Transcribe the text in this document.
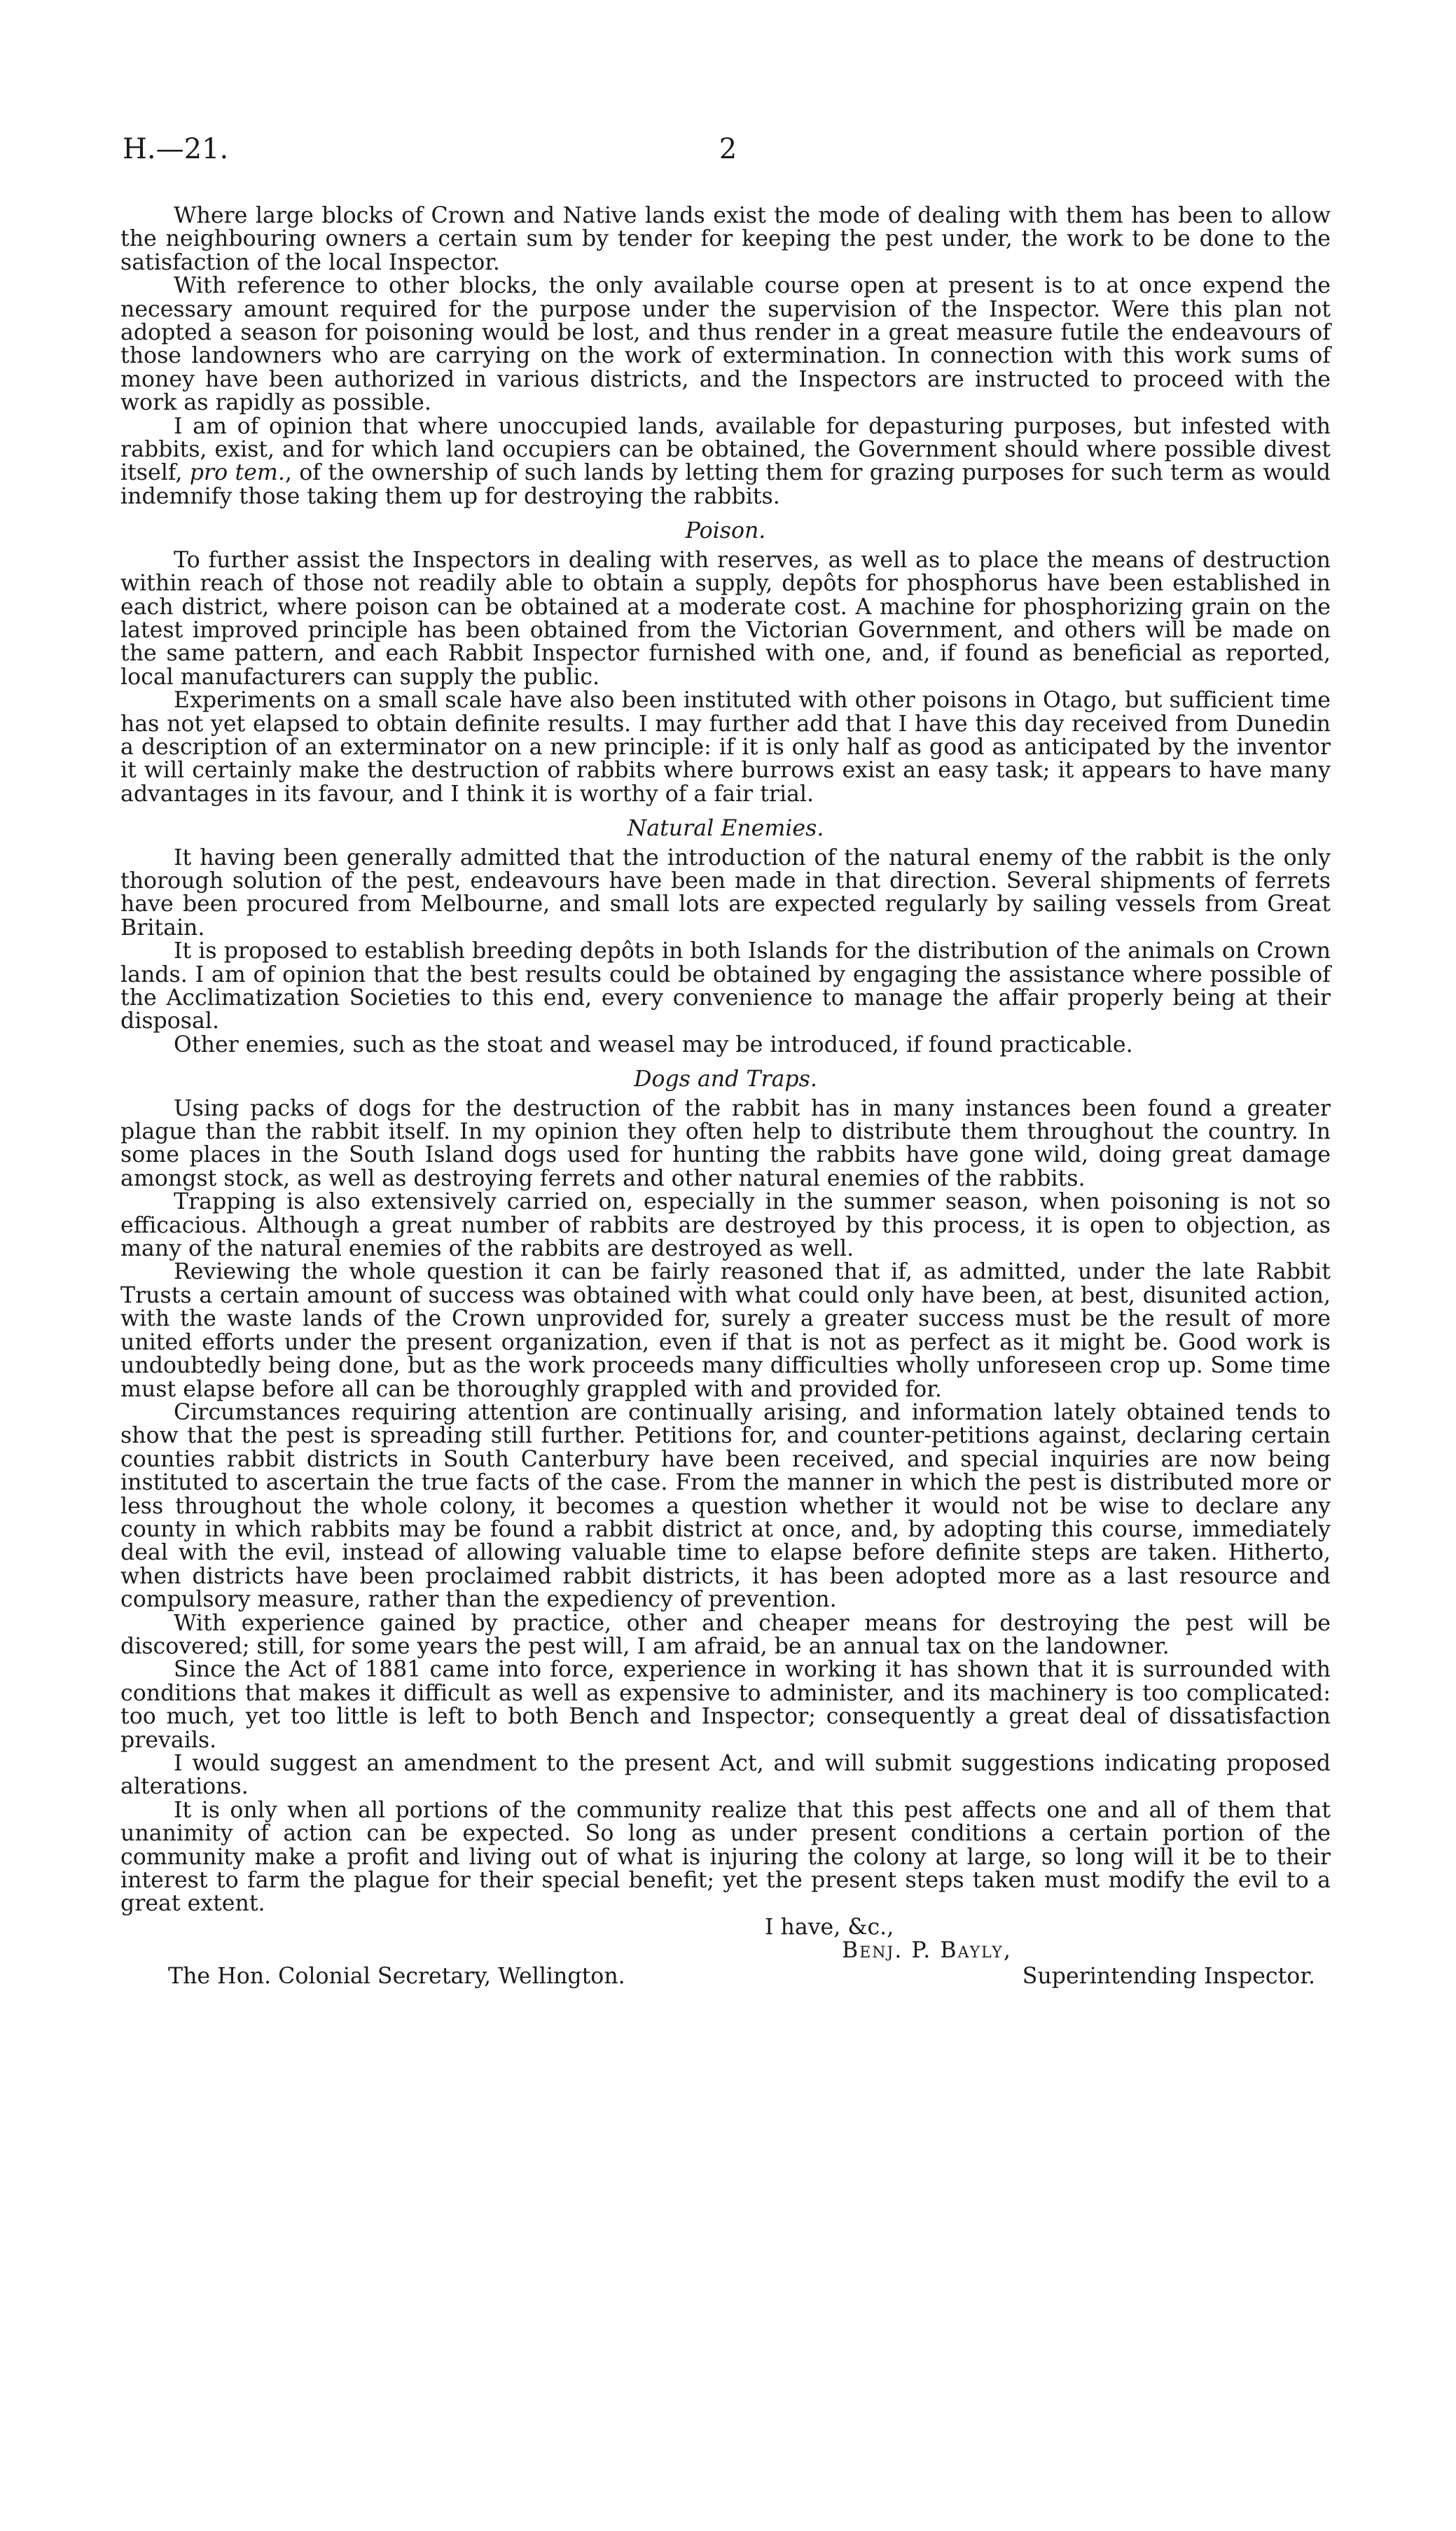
H.—21.	2

Where large blocks of Crown and Native lands exist the mode of dealing with them has been to allow the neighbouring owners a certain sum by tender for keeping the pest under, the work to be done to the satisfaction of the local Inspector.

With reference to other blocks, the only available course open at present is to at once expend the necessary amount required for the purpose under the supervision of the Inspector. Were this plan not adopted a season for poisoning would be lost, and thus render in a great measure futile the endeavours of those landowners who are carrying on the work of extermination. In connection with this work sums of money have been authorized in various districts, and the Inspectors are instructed to proceed with the work as rapidly as possible.

I am of opinion that where unoccupied lands, available for depasturing purposes, but infested with rabbits, exist, and for which land occupiers can be obtained, the Government should where possible divest itself, pro tem., of the ownership of such lands by letting them for grazing purposes for such term as would indemnify those taking them up for destroying the rabbits.

Poison.

To further assist the Inspectors in dealing with reserves, as well as to place the means of destruction within reach of those not readily able to obtain a supply, depôts for phosphorus have been established in each district, where poison can be obtained at a moderate cost. A machine for phosphorizing grain on the latest improved principle has been obtained from the Victorian Government, and others will be made on the same pattern, and each Rabbit Inspector furnished with one, and, if found as beneficial as reported, local manufacturers can supply the public.

Experiments on a small scale have also been instituted with other poisons in Otago, but sufficient time has not yet elapsed to obtain definite results. I may further add that I have this day received from Dunedin a description of an exterminator on a new principle: if it is only half as good as anticipated by the inventor it will certainly make the destruction of rabbits where burrows exist an easy task; it appears to have many advantages in its favour, and I think it is worthy of a fair trial.

Natural Enemies.

It having been generally admitted that the introduction of the natural enemy of the rabbit is the only thorough solution of the pest, endeavours have been made in that direction. Several shipments of ferrets have been procured from Melbourne, and small lots are expected regularly by sailing vessels from Great Britain.

It is proposed to establish breeding depôts in both Islands for the distribution of the animals on Crown lands. I am of opinion that the best results could be obtained by engaging the assistance where possible of the Acclimatization Societies to this end, every convenience to manage the affair properly being at their disposal.

Other enemies, such as the stoat and weasel may be introduced, if found practicable.

Dogs and Traps.

Using packs of dogs for the destruction of the rabbit has in many instances been found a greater plague than the rabbit itself. In my opinion they often help to distribute them throughout the country. In some places in the South Island dogs used for hunting the rabbits have gone wild, doing great damage amongst stock, as well as destroying ferrets and other natural enemies of the rabbits.

Trapping is also extensively carried on, especially in the summer season, when poisoning is not so efficacious. Although a great number of rabbits are destroyed by this process, it is open to objection, as many of the natural enemies of the rabbits are destroyed as well.

Reviewing the whole question it can be fairly reasoned that if, as admitted, under the late Rabbit Trusts a certain amount of success was obtained with what could only have been, at best, disunited action, with the waste lands of the Crown unprovided for, surely a greater success must be the result of more united efforts under the present organization, even if that is not as perfect as it might be. Good work is undoubtedly being done, but as the work proceeds many difficulties wholly unforeseen crop up. Some time must elapse before all can be thoroughly grappled with and provided for.

Circumstances requiring attention are continually arising, and information lately obtained tends to show that the pest is spreading still further. Petitions for, and counter-petitions against, declaring certain counties rabbit districts in South Canterbury have been received, and special inquiries are now being instituted to ascertain the true facts of the case. From the manner in which the pest is distributed more or less throughout the whole colony, it becomes a question whether it would not be wise to declare any county in which rabbits may be found a rabbit district at once, and, by adopting this course, immediately deal with the evil, instead of allowing valuable time to elapse before definite steps are taken. Hitherto, when districts have been proclaimed rabbit districts, it has been adopted more as a last resource and compulsory measure, rather than the expediency of prevention.

With experience gained by practice, other and cheaper means for destroying the pest will be discovered; still, for some years the pest will, I am afraid, be an annual tax on the landowner.

Since the Act of 1881 came into force, experience in working it has shown that it is surrounded with conditions that makes it difficult as well as expensive to administer, and its machinery is too complicated: too much, yet too little is left to both Bench and Inspector; consequently a great deal of dissatisfaction prevails.

I would suggest an amendment to the present Act, and will submit suggestions indicating proposed alterations.

It is only when all portions of the community realize that this pest affects one and all of them that unanimity of action can be expected. So long as under present conditions a certain portion of the community make a profit and living out of what is injuring the colony at large, so long will it be to their interest to farm the plague for their special benefit; yet the present steps taken must modify the evil to a great extent.

I have, &c.,
Benj. P. Bayly,
The Hon. Colonial Secretary, Wellington.	Superintending Inspector.
